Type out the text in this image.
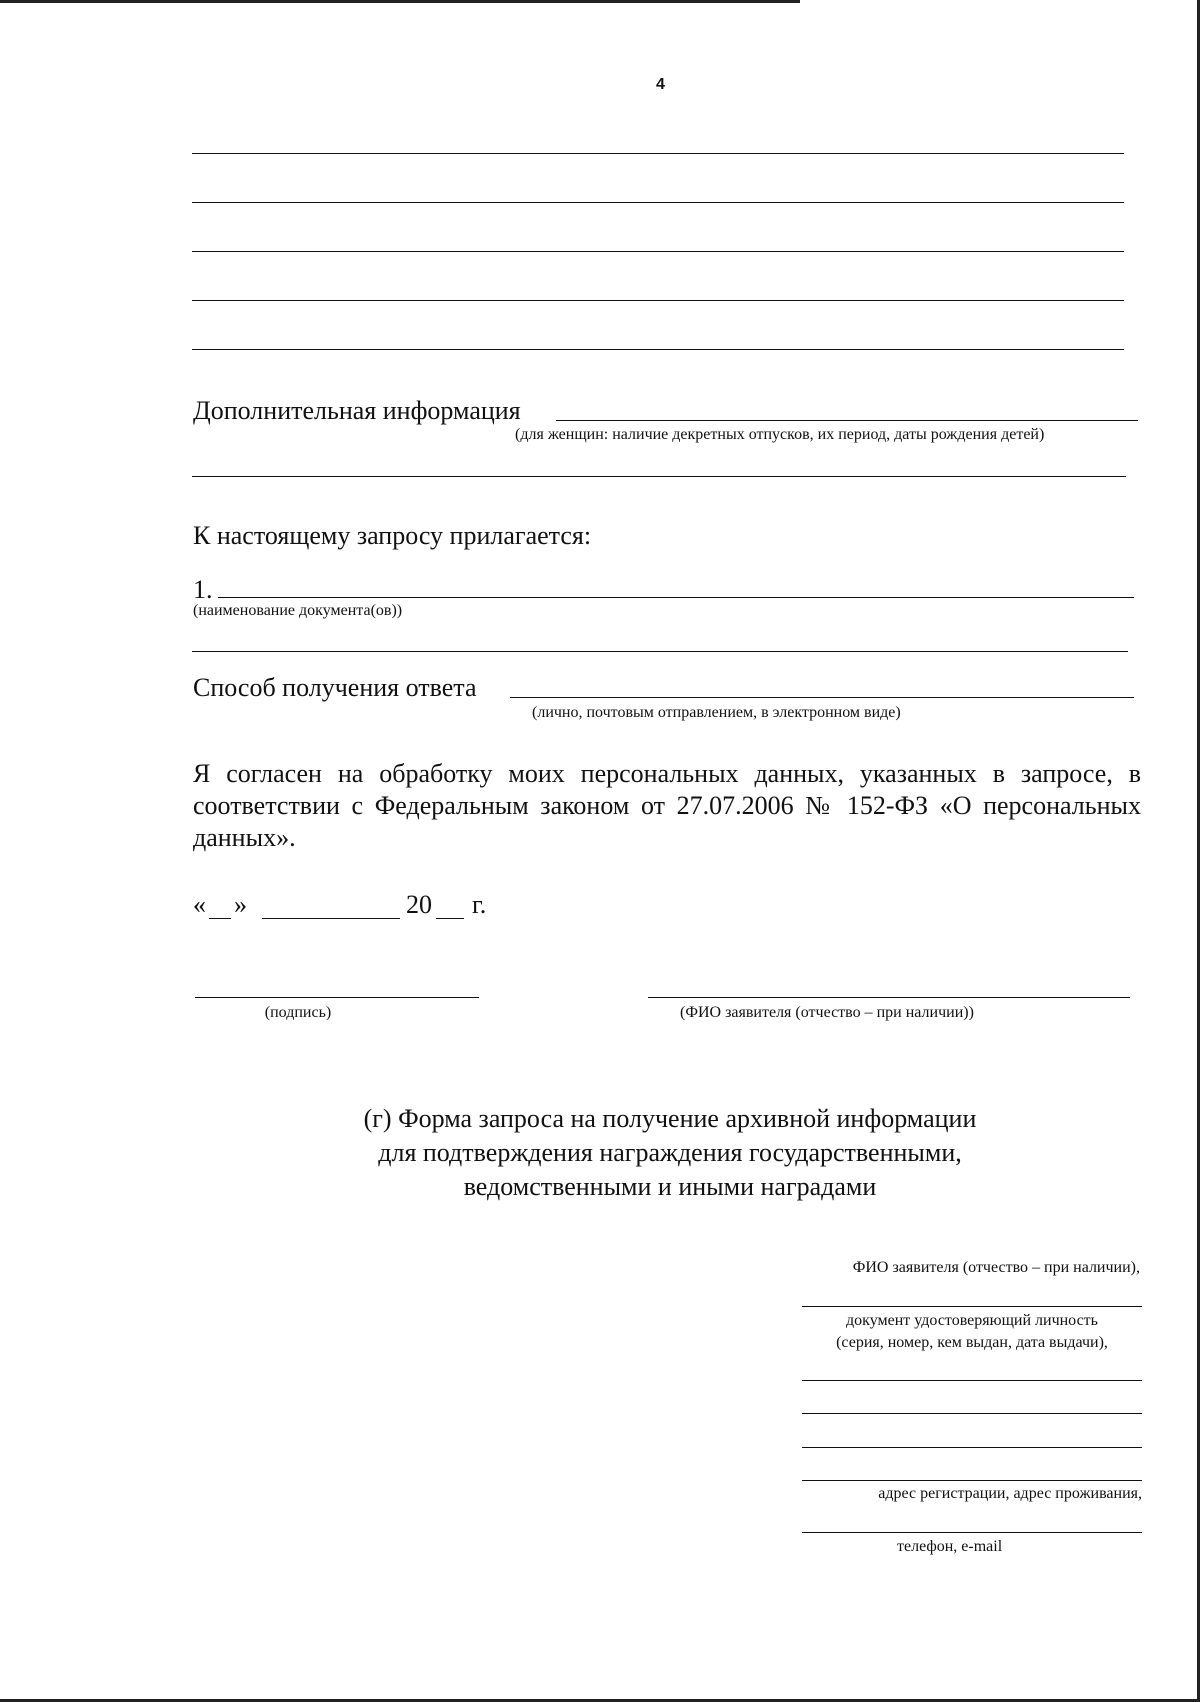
4
Дополнительная информация
(для женщин: наличие декретных отпусков, их период, даты рождения детей)
К настоящему запросу прилагается:
1.
(наименование документа(ов))
Способ получения ответа
(лично, почтовым отправлением, в электронном виде)
Я согласен на обработку моих персональных данных, указанных в запросе, в соответствии с Федеральным законом от 27.07.2006 № 152-ФЗ «О персональных данных».
« »	20 г.
(подпись)	(ФИО заявителя (отчество – при наличии))
(г) Форма запроса на получение архивной информации
для подтверждения награждения государственными,
ведомственными и иными наградами
ФИО заявителя (отчество – при наличии),
документ удостоверяющий личность
(серия, номер, кем выдан, дата выдачи),
адрес регистрации, адрес проживания,
телефон, e-mail
